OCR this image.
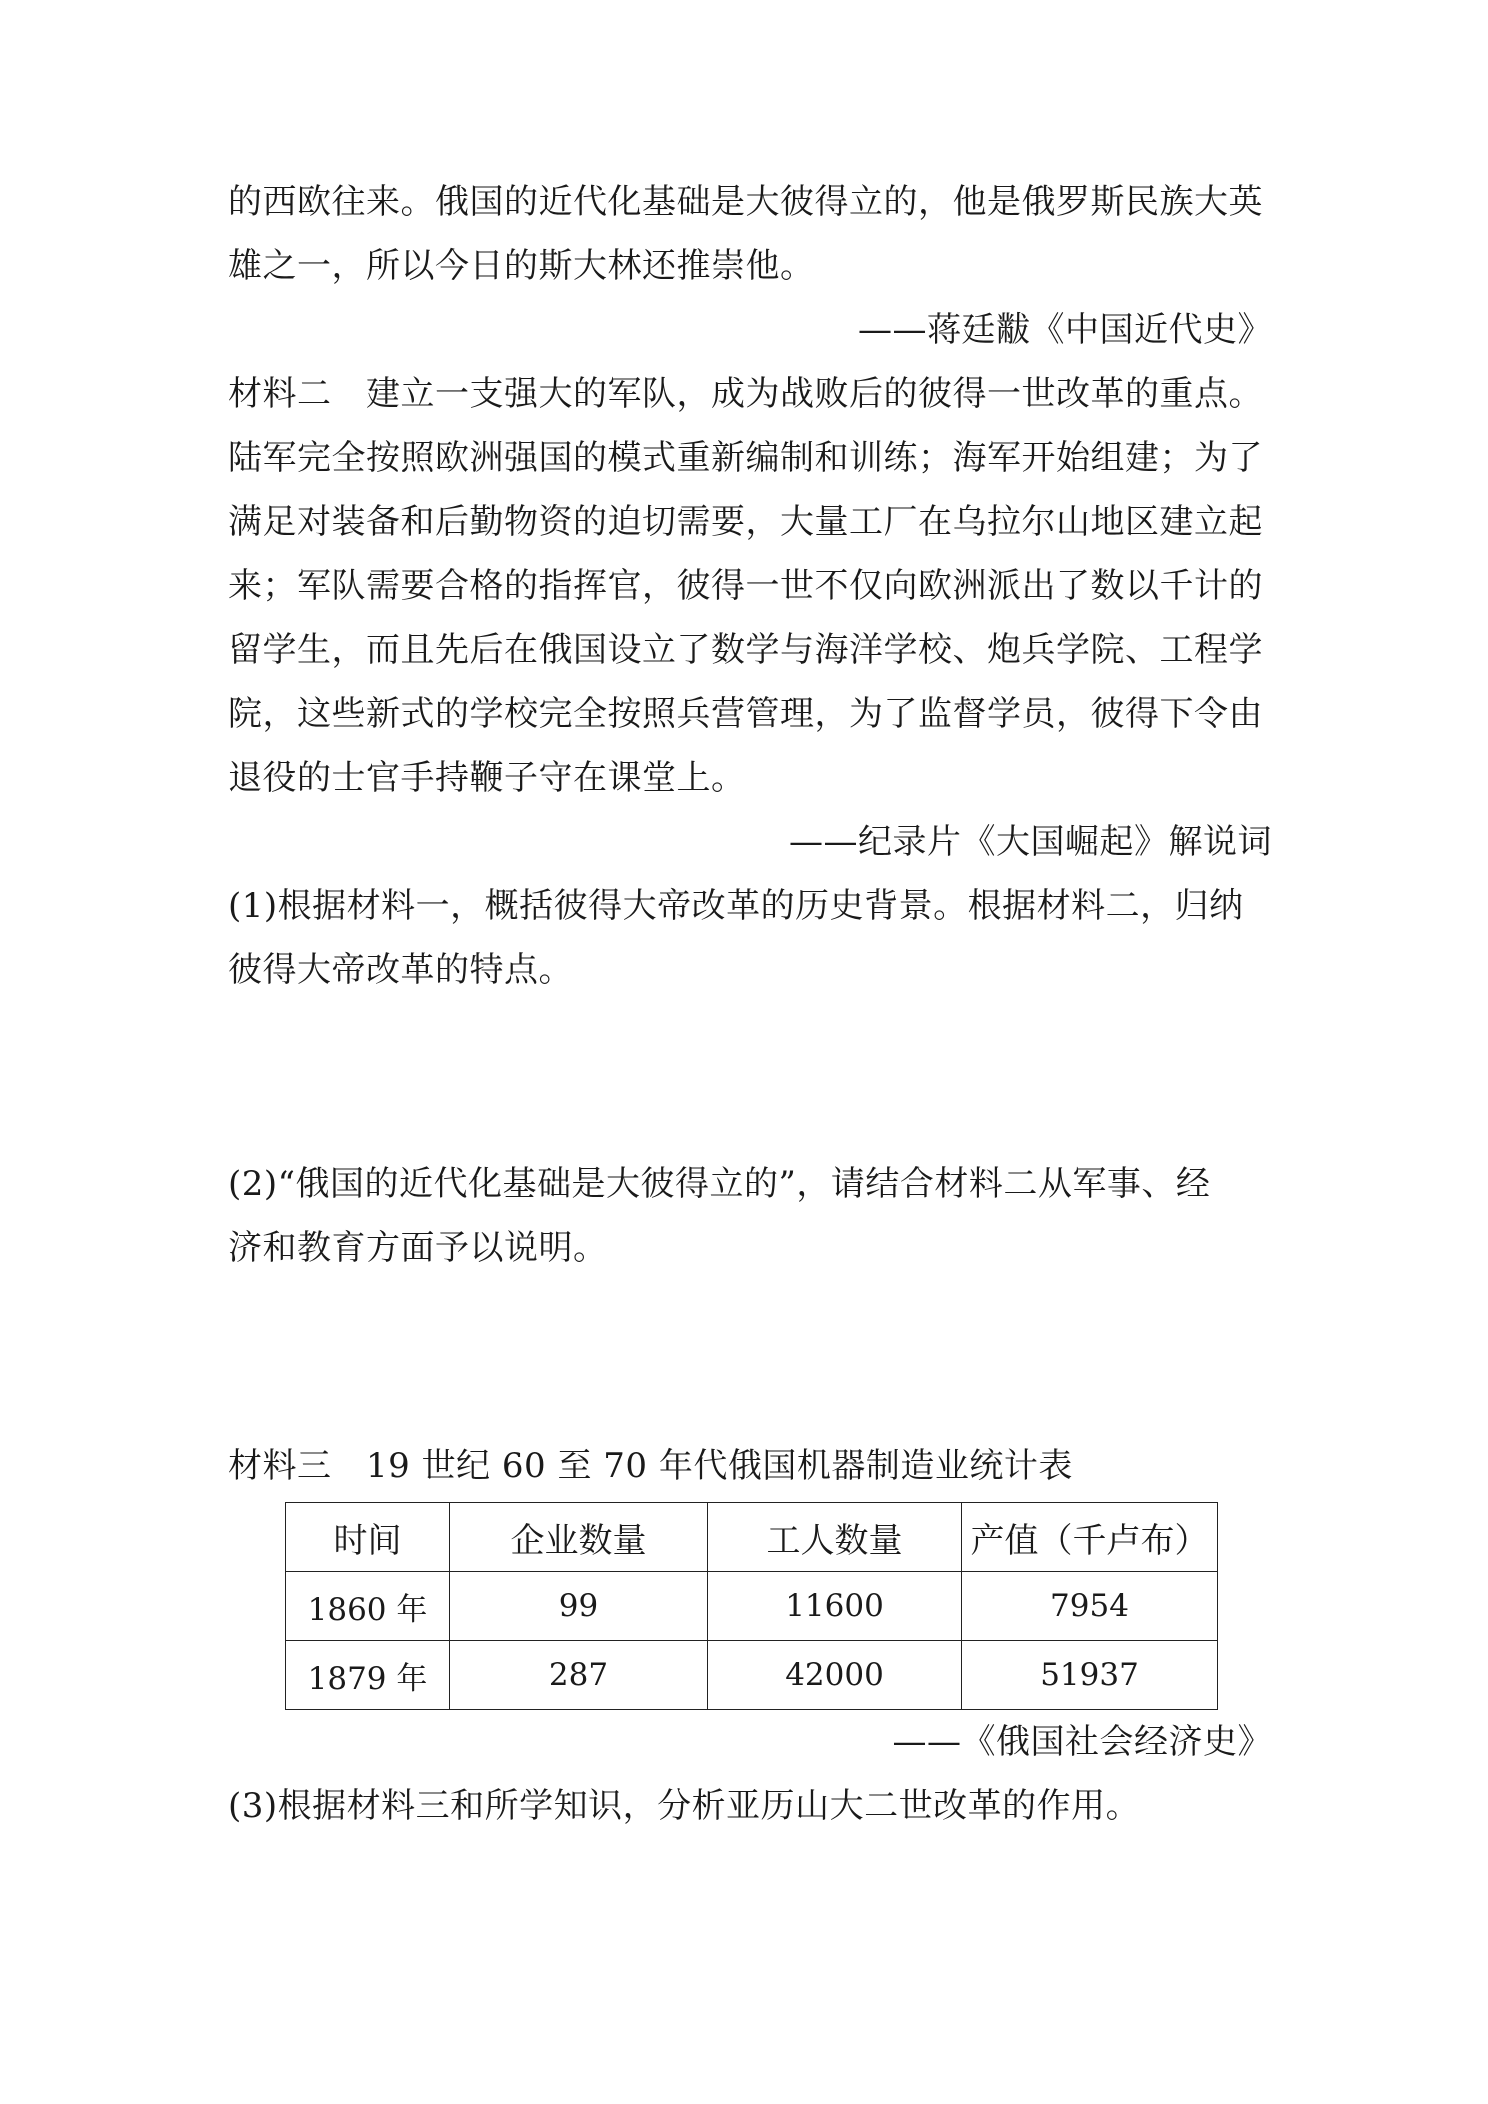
的西欧往来。俄国的近代化基础是大彼得立的，他是俄罗斯民族大英
雄之一，所以今日的斯大林还推崇他。
——蒋廷黻《中国近代史》
材料二　建立一支强大的军队，成为战败后的彼得一世改革的重点。
陆军完全按照欧洲强国的模式重新编制和训练；海军开始组建；为了
满足对装备和后勤物资的迫切需要，大量工厂在乌拉尔山地区建立起
来；军队需要合格的指挥官，彼得一世不仅向欧洲派出了数以千计的
留学生，而且先后在俄国设立了数学与海洋学校、炮兵学院、工程学
院，这些新式的学校完全按照兵营管理，为了监督学员，彼得下令由
退役的士官手持鞭子守在课堂上。
——纪录片《大国崛起》解说词
(1)根据材料一，概括彼得大帝改革的历史背景。根据材料二，归纳
彼得大帝改革的特点。
(2)“俄国的近代化基础是大彼得立的”，请结合材料二从军事、经
济和教育方面予以说明。
材料三　19 世纪 60 至 70 年代俄国机器制造业统计表
时间	企业数量	工人数量	产值（千卢布）
1860 年	99	11600	7954
1879 年	287	42000	51937
——《俄国社会经济史》
(3)根据材料三和所学知识，分析亚历山大二世改革的作用。
